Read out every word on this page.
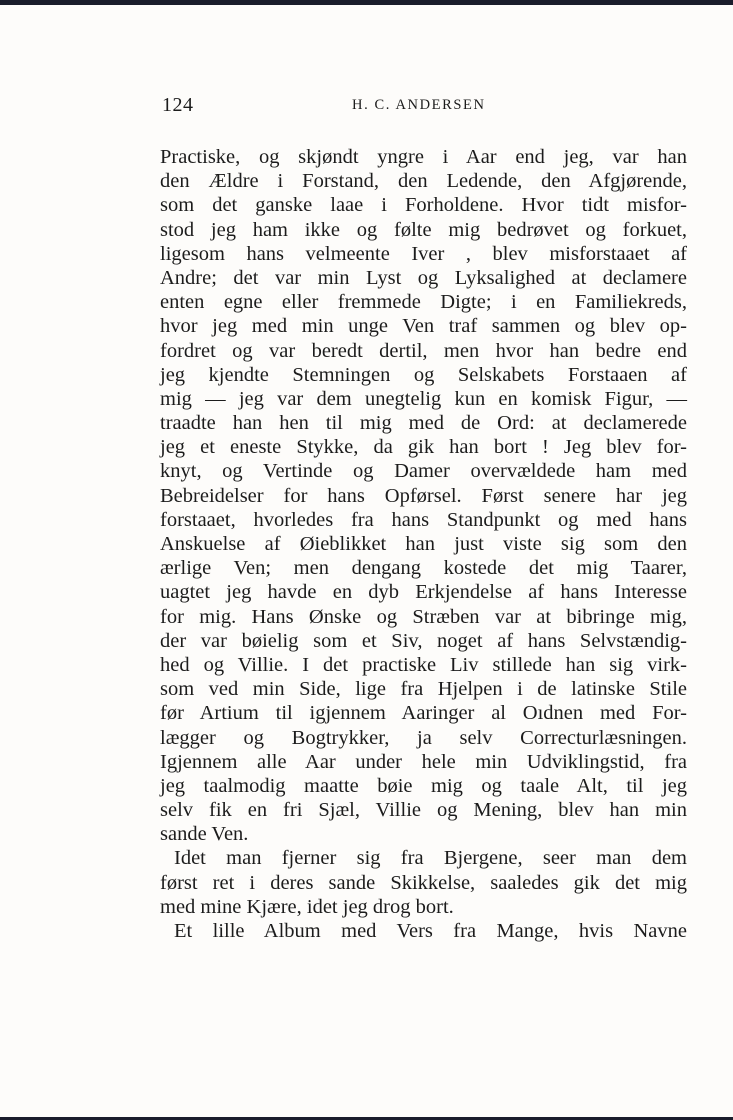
124	H. C. ANDERSEN
Practiske, og skjøndt yngre i Aar end jeg, var han
den Ældre i Forstand, den Ledende, den Afgjørende,
som det ganske laae i Forholdene. Hvor tidt misfor-
stod jeg ham ikke og følte mig bedrøvet og forkuet,
ligesom hans velmeente Iver , blev misforstaaet af
Andre; det var min Lyst og Lyksalighed at declamere
enten egne eller fremmede Digte; i en Familiekreds,
hvor jeg med min unge Ven traf sammen og blev op-
fordret og var beredt dertil, men hvor han bedre end
jeg kjendte Stemningen og Selskabets Forstaaen af
mig — jeg var dem unegtelig kun en komisk Figur, —
traadte han hen til mig med de Ord: at declamerede
jeg et eneste Stykke, da gik han bort ! Jeg blev for-
knyt, og Vertinde og Damer overvældede ham med
Bebreidelser for hans Opførsel. Først senere har jeg
forstaaet, hvorledes fra hans Standpunkt og med hans
Anskuelse af Øieblikket han just viste sig som den
ærlige Ven; men dengang kostede det mig Taarer,
uagtet jeg havde en dyb Erkjendelse af hans Interesse
for mig. Hans Ønske og Stræben var at bibringe mig,
der var bøielig som et Siv, noget af hans Selvstændig-
hed og Villie. I det practiske Liv stillede han sig virk-
som ved min Side, lige fra Hjelpen i de latinske Stile
før Artium til igjennem Aaringer al Oıdnen med For-
lægger og Bogtrykker, ja selv Correcturlæsningen.
Igjennem alle Aar under hele min Udviklingstid, fra
jeg taalmodig maatte bøie mig og taale Alt, til jeg
selv fik en fri Sjæl, Villie og Mening, blev han min
sande Ven.
Idet man fjerner sig fra Bjergene, seer man dem
først ret i deres sande Skikkelse, saaledes gik det mig
med mine Kjære, idet jeg drog bort.
Et lille Album med Vers fra Mange, hvis Navne
